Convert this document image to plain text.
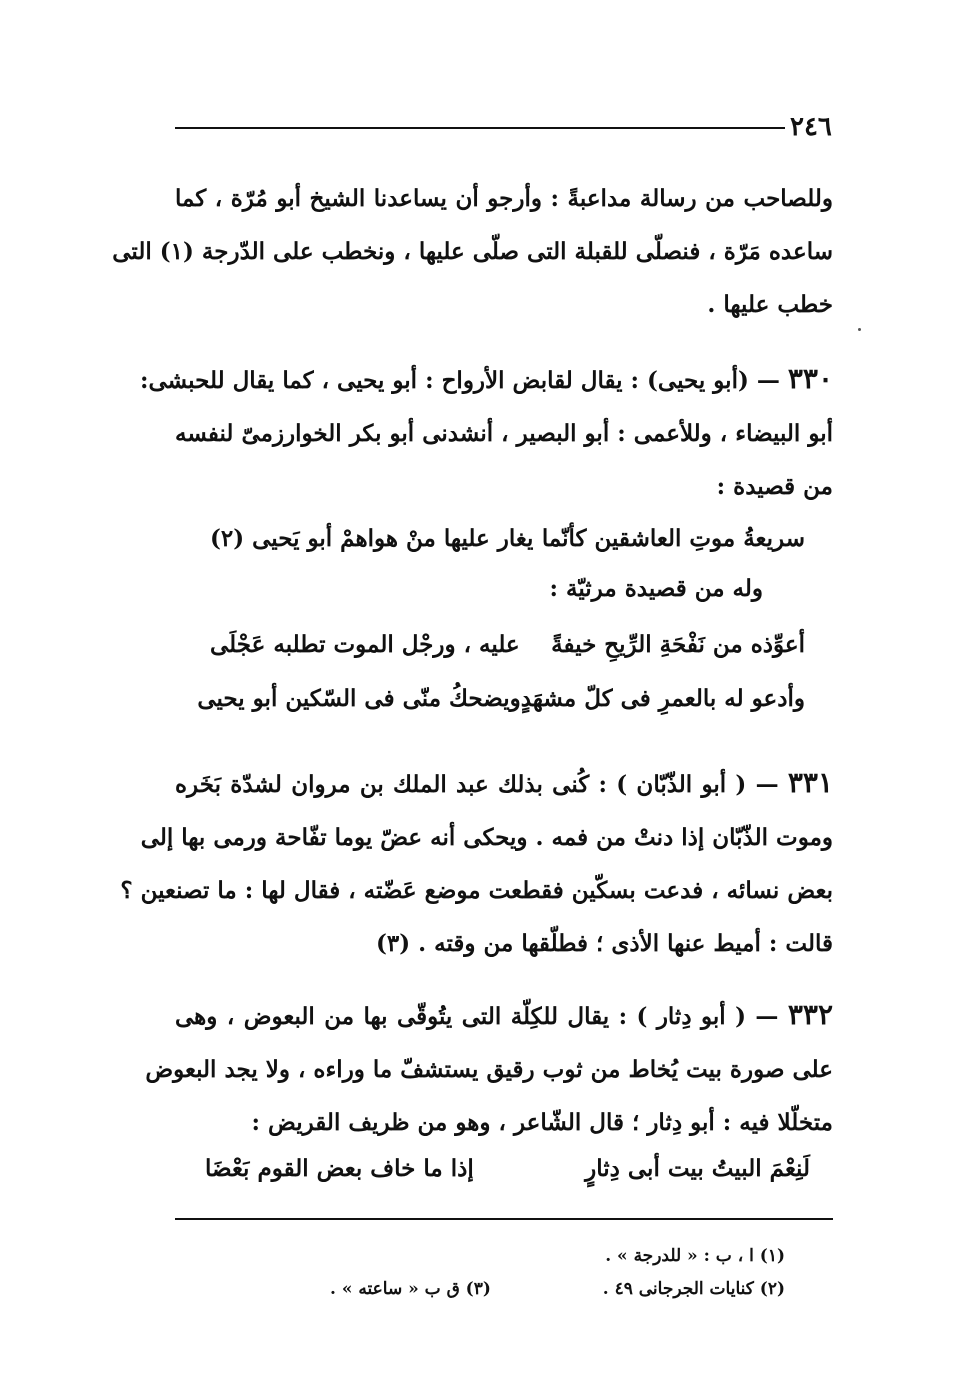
٢٤٦
وللصاحب من رسالة مداعبةً : وأرجو أن يساعدنا الشيخ أبو مُرّة ، كما
ساعده مَرّة ، فنصلّى للقبلة التى صلّى عليها ، ونخطب على الدّرجة (١) التى
خطب عليها .
٣٣٠ — (أبو يحيى) : يقال لقابض الأرواح : أبو يحيى ، كما يقال للحبشى:
أبو البيضاء ، وللأعمى : أبو البصير ، أنشدنى أبو بكر الخوارزمىّ لنفسه
من قصيدة :
سريعةُ موتِ العاشقين كأنّما
يغار عليها منْ هواهمْ أبو يَحيى (٢)
وله من قصيدة مرثيّة :
أعوِّذه من نَفْحَةِ الرِّيحِ خيفةً
عليه ، ورجْل الموت تطلبه عَجْلَى
وأدعو له بالعمرِ فى كلّ مشهَدٍ
ويضحكُ منّى فى السّكين أبو يحيى
٣٣١ — ( أبو الذّبّان ) : كُنى بذلك عبد الملك بن مروان لشدّة بَخَره
وموت الذّبّان إذا دنتْ من فمه . ويحكى أنه عضّ يوما تفّاحة ورمى بها إلى
بعض نسائه ، فدعت بسكّين فقطعت موضع عَضّته ، فقال لها : ما تصنعين ؟
قالت : أميط عنها الأذى ؛ فطلّقها من وقته . (٣)
٣٣٢ — ( أبو دِثار ) : يقال للكِلّة التى يتُوقّى بها من البعوض ، وهى
على صورة بيت يُخاط من ثوب رقيق يستشفّ ما وراءه ، ولا يجد البعوض
متخلّلا فيه : أبو دِثار ؛ قال الشّاعر ، وهو من ظريف القريض :
لَنِعْمَ البيتُ بيت أبى دِثارٍ
إذا ما خاف بعض القوم بَعْضَا
(١) ا ، ب : « للدرجة » .
(٢) كنايات الجرجانى ٤٩ .
(٣) ق ب « ساعته » .
